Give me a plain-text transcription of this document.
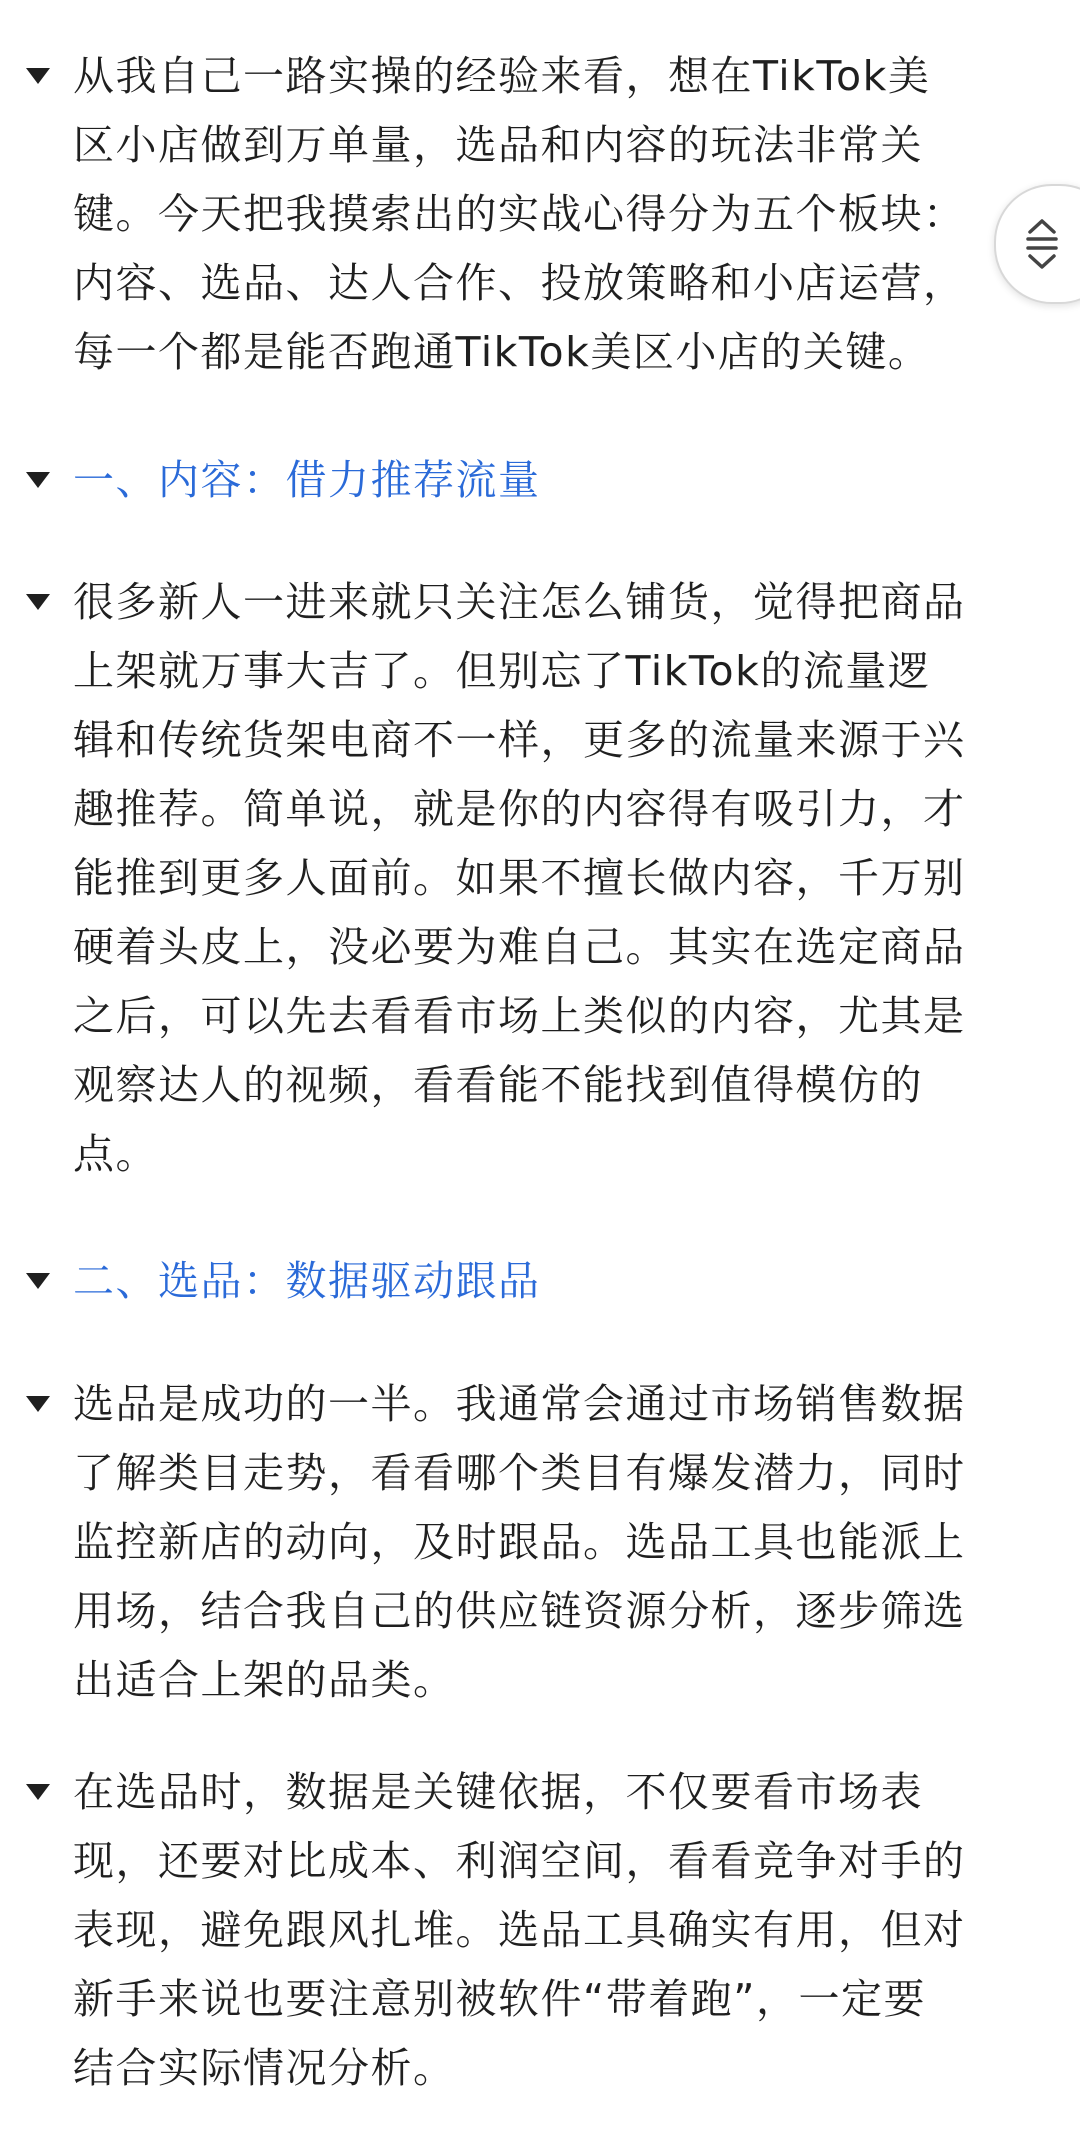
从我自己一路实操的经验来看，想在TikTok美
区小店做到万单量，选品和内容的玩法非常关
键。今天把我摸索出的实战心得分为五个板块：
内容、选品、达人合作、投放策略和小店运营，
每一个都是能否跑通TikTok美区小店的关键。
一、内容：借力推荐流量
很多新人一进来就只关注怎么铺货，觉得把商品
上架就万事大吉了。但别忘了TikTok的流量逻
辑和传统货架电商不一样，更多的流量来源于兴
趣推荐。简单说，就是你的内容得有吸引力，才
能推到更多人面前。如果不擅长做内容，千万别
硬着头皮上，没必要为难自己。其实在选定商品
之后，可以先去看看市场上类似的内容，尤其是
观察达人的视频，看看能不能找到值得模仿的
点。
二、选品：数据驱动跟品
选品是成功的一半。我通常会通过市场销售数据
了解类目走势，看看哪个类目有爆发潜力，同时
监控新店的动向，及时跟品。选品工具也能派上
用场，结合我自己的供应链资源分析，逐步筛选
出适合上架的品类。
在选品时，数据是关键依据，不仅要看市场表
现，还要对比成本、利润空间，看看竞争对手的
表现，避免跟风扎堆。选品工具确实有用，但对
新手来说也要注意别被软件“带着跑”，一定要
结合实际情况分析。
